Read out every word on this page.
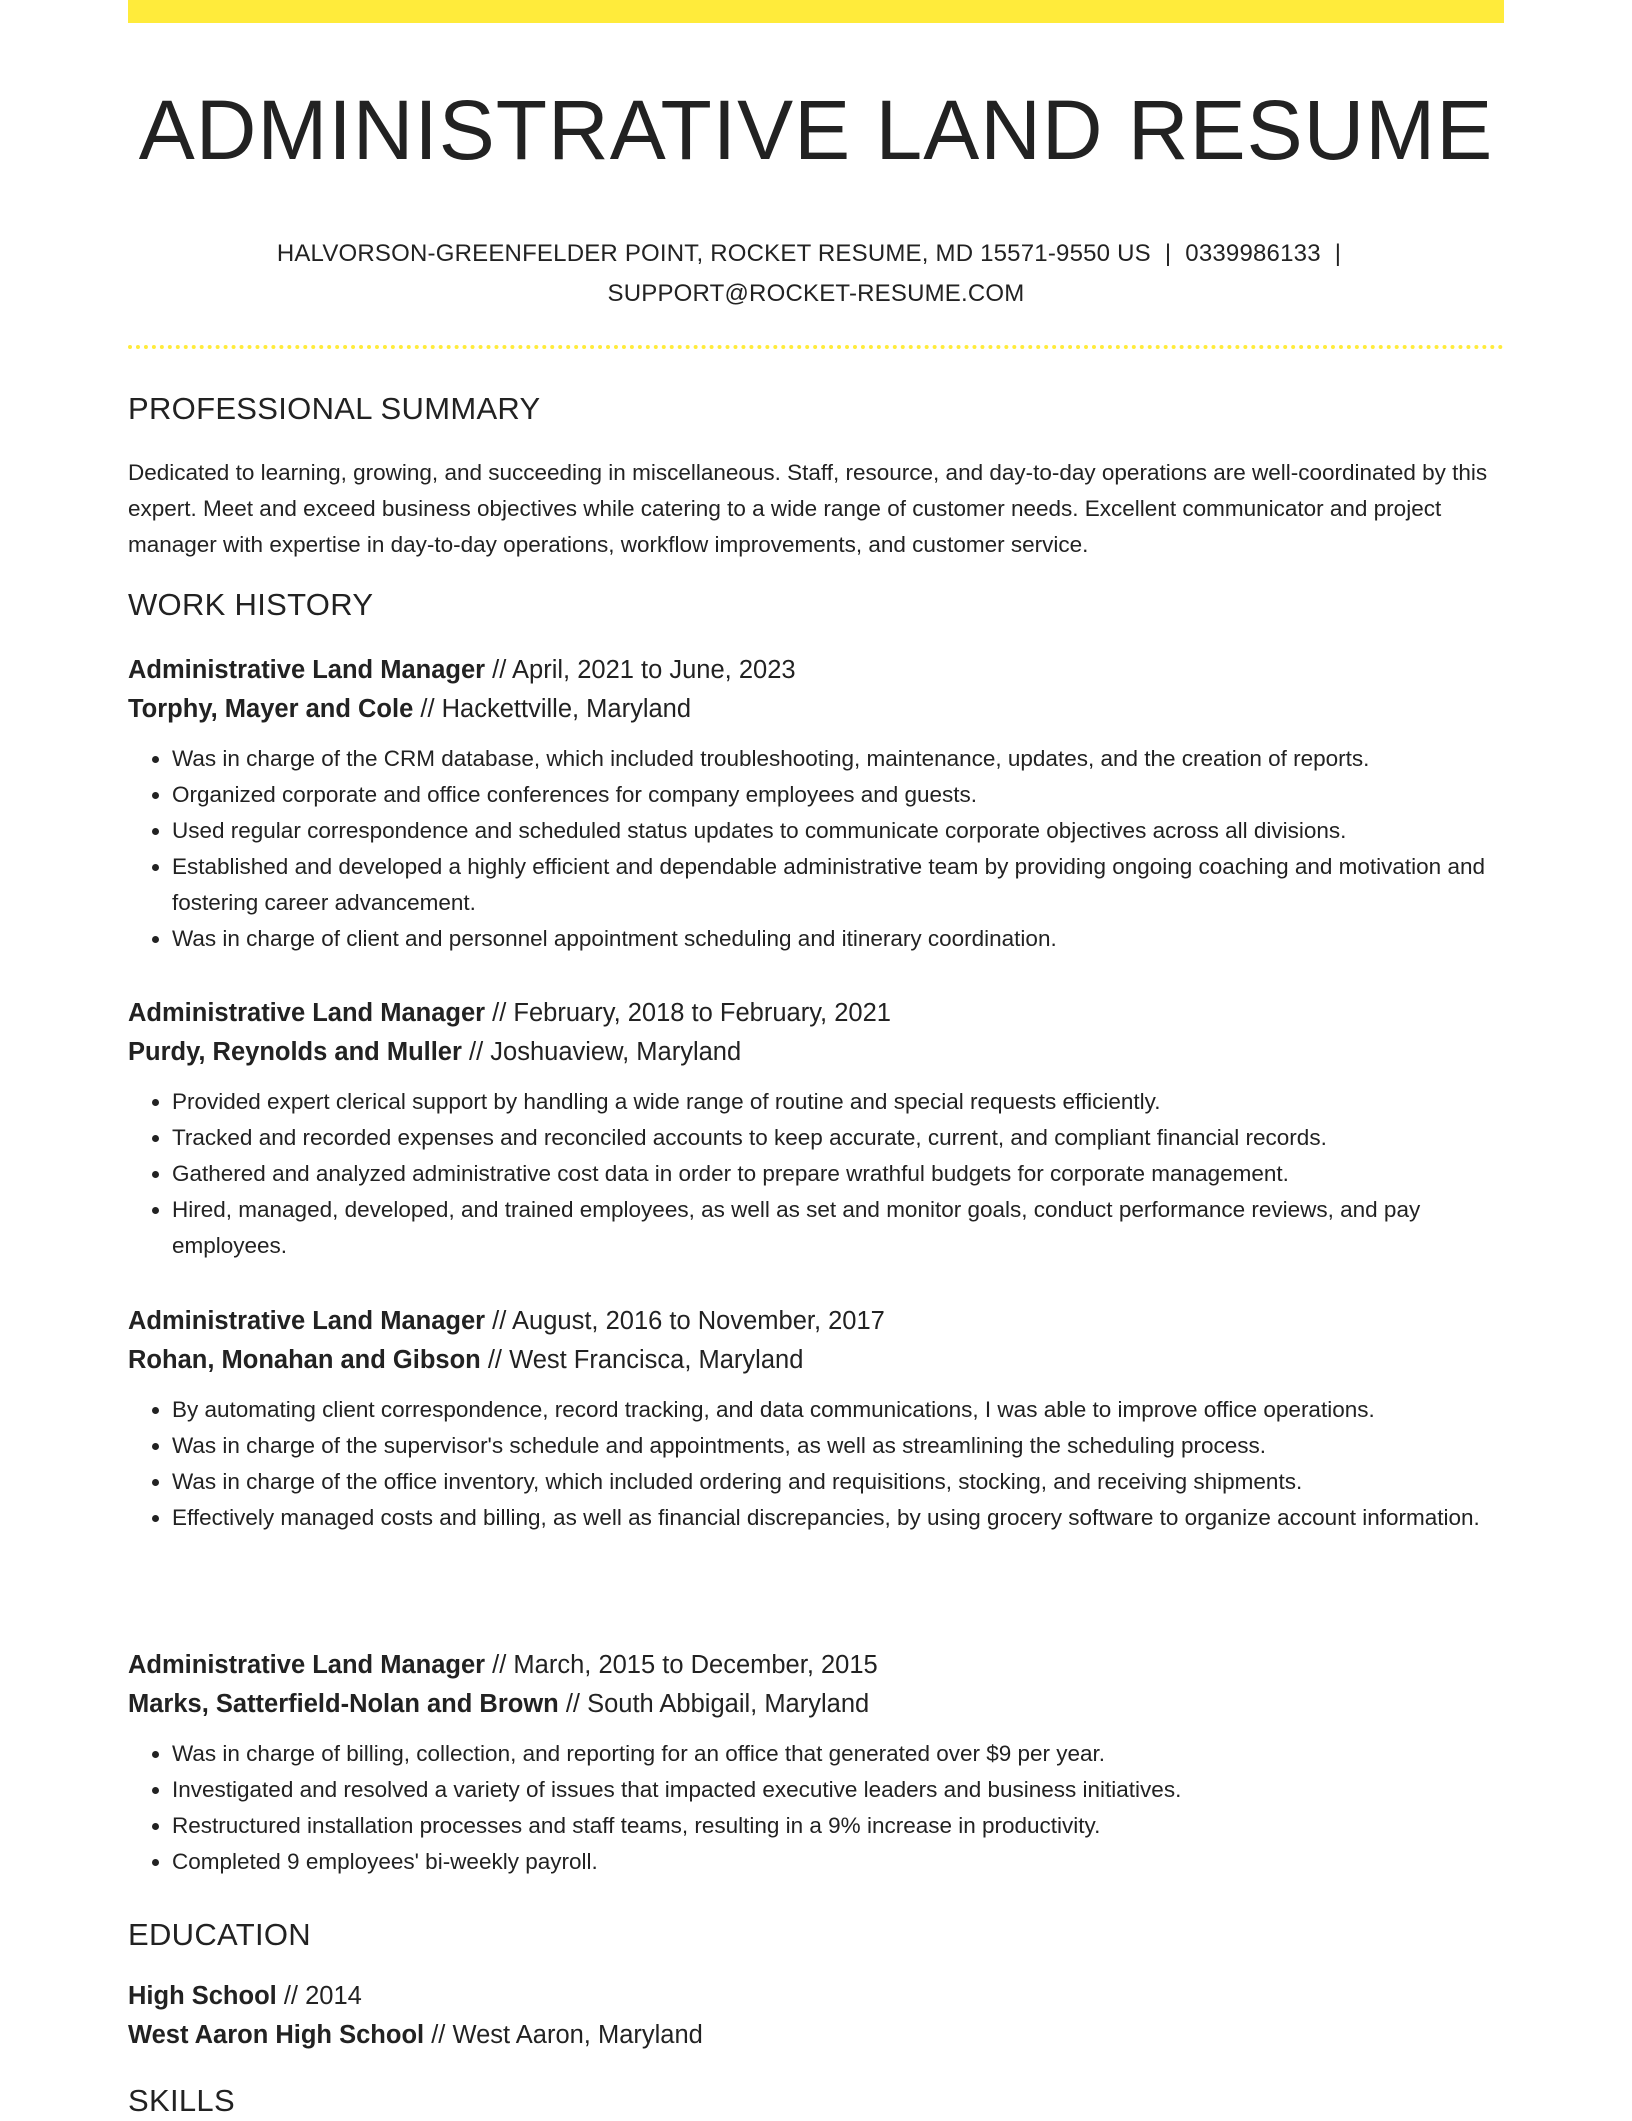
ADMINISTRATIVE LAND RESUME
HALVORSON-GREENFELDER POINT, ROCKET RESUME, MD 15571-9550 US | 0339986133 |
SUPPORT@ROCKET-RESUME.COM
PROFESSIONAL SUMMARY

Dedicated to learning, growing, and succeeding in miscellaneous. Staff, resource, and day-to-day operations are well-coordinated by this expert. Meet and exceed business objectives while catering to a wide range of customer needs. Excellent communicator and project manager with expertise in day-to-day operations, workflow improvements, and customer service.

WORK HISTORY
Administrative Land Manager // April, 2021 to June, 2023
Torphy, Mayer and Cole // Hackettville, Maryland
• Was in charge of the CRM database, which included troubleshooting, maintenance, updates, and the creation of reports.
• Organized corporate and office conferences for company employees and guests.
• Used regular correspondence and scheduled status updates to communicate corporate objectives across all divisions.
• Established and developed a highly efficient and dependable administrative team by providing ongoing coaching and motivation and fostering career advancement.
• Was in charge of client and personnel appointment scheduling and itinerary coordination.
Administrative Land Manager // February, 2018 to February, 2021
Purdy, Reynolds and Muller // Joshuaview, Maryland
• Provided expert clerical support by handling a wide range of routine and special requests efficiently.
• Tracked and recorded expenses and reconciled accounts to keep accurate, current, and compliant financial records.
• Gathered and analyzed administrative cost data in order to prepare wrathful budgets for corporate management.
• Hired, managed, developed, and trained employees, as well as set and monitor goals, conduct performance reviews, and pay employees.
Administrative Land Manager // August, 2016 to November, 2017
Rohan, Monahan and Gibson // West Francisca, Maryland
• By automating client correspondence, record tracking, and data communications, I was able to improve office operations.
• Was in charge of the supervisor's schedule and appointments, as well as streamlining the scheduling process.
• Was in charge of the office inventory, which included ordering and requisitions, stocking, and receiving shipments.
• Effectively managed costs and billing, as well as financial discrepancies, by using grocery software to organize account information.
Administrative Land Manager // March, 2015 to December, 2015
Marks, Satterfield-Nolan and Brown // South Abbigail, Maryland
• Was in charge of billing, collection, and reporting for an office that generated over $9 per year.
• Investigated and resolved a variety of issues that impacted executive leaders and business initiatives.
• Restructured installation processes and staff teams, resulting in a 9% increase in productivity.
• Completed 9 employees' bi-weekly payroll.
EDUCATION
High School // 2014
West Aaron High School // West Aaron, Maryland
SKILLS
